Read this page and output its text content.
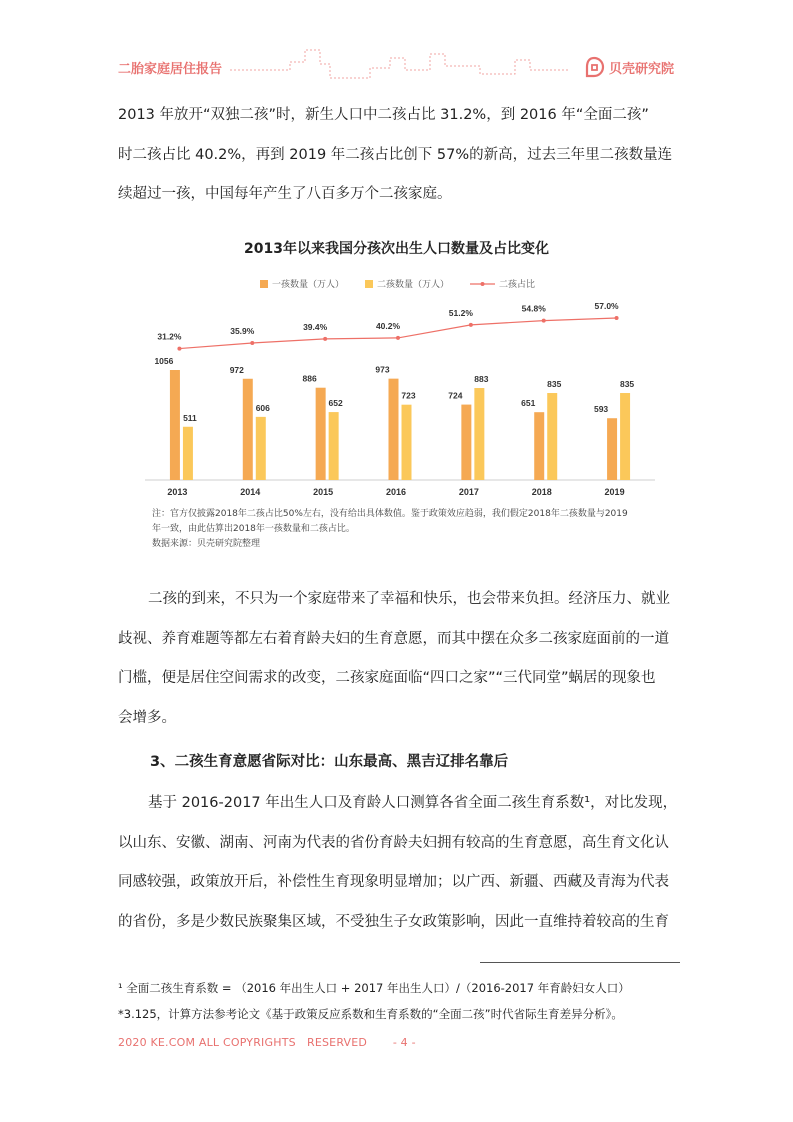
二胎家庭居住报告	贝壳研究院
2013 年放开“双独二孩”时，新生人口中二孩占比 31.2%，到 2016 年“全面二孩”
时二孩占比 40.2%，再到 2019 年二孩占比创下 57%的新高，过去三年里二孩数量连
续超过一孩，中国每年产生了八百多万个二孩家庭。
2013年以来我国分孩次出生人口数量及占比变化
一孩数量（万人）	二孩数量（万人）	二孩占比
1056
511
2013
972
606
2014
886
652
2015
973
723
2016
724
883
2017
651
835
2018
593
835
2019
31.2%
35.9%	39.4%	40.2%
51.2%	54.8%	57.0%
注：官方仅披露2018年二孩占比50%左右，没有给出具体数值。鉴于政策效应趋弱，我们假定2018年二孩数量与2019
年一致，由此估算出2018年一孩数量和二孩占比。
数据来源：贝壳研究院整理
二孩的到来，不只为一个家庭带来了幸福和快乐，也会带来负担。经济压力、就业
歧视、养育难题等都左右着育龄夫妇的生育意愿，而其中摆在众多二孩家庭面前的一道
门槛，便是居住空间需求的改变，二孩家庭面临“四口之家”“三代同堂”蜗居的现象也
会增多。
3、二孩生育意愿省际对比：山东最高、黑吉辽排名靠后
基于 2016-2017 年出生人口及育龄人口测算各省全面二孩生育系数¹，对比发现，
以山东、安徽、湖南、河南为代表的省份育龄夫妇拥有较高的生育意愿，高生育文化认
同感较强，政策放开后，补偿性生育现象明显增加；以广西、新疆、西藏及青海为代表
的省份，多是少数民族聚集区域，不受独生子女政策影响，因此一直维持着较高的生育
¹ 全面二孩生育系数 = （2016 年出生人口 + 2017 年出生人口）/（2016-2017 年育龄妇女人口）
*3.125，计算方法参考论文《基于政策反应系数和生育系数的“全面二孩”时代省际生育差异分析》。
2020 KE.COM ALL COPYRIGHTS　RESERVED - 4 -
